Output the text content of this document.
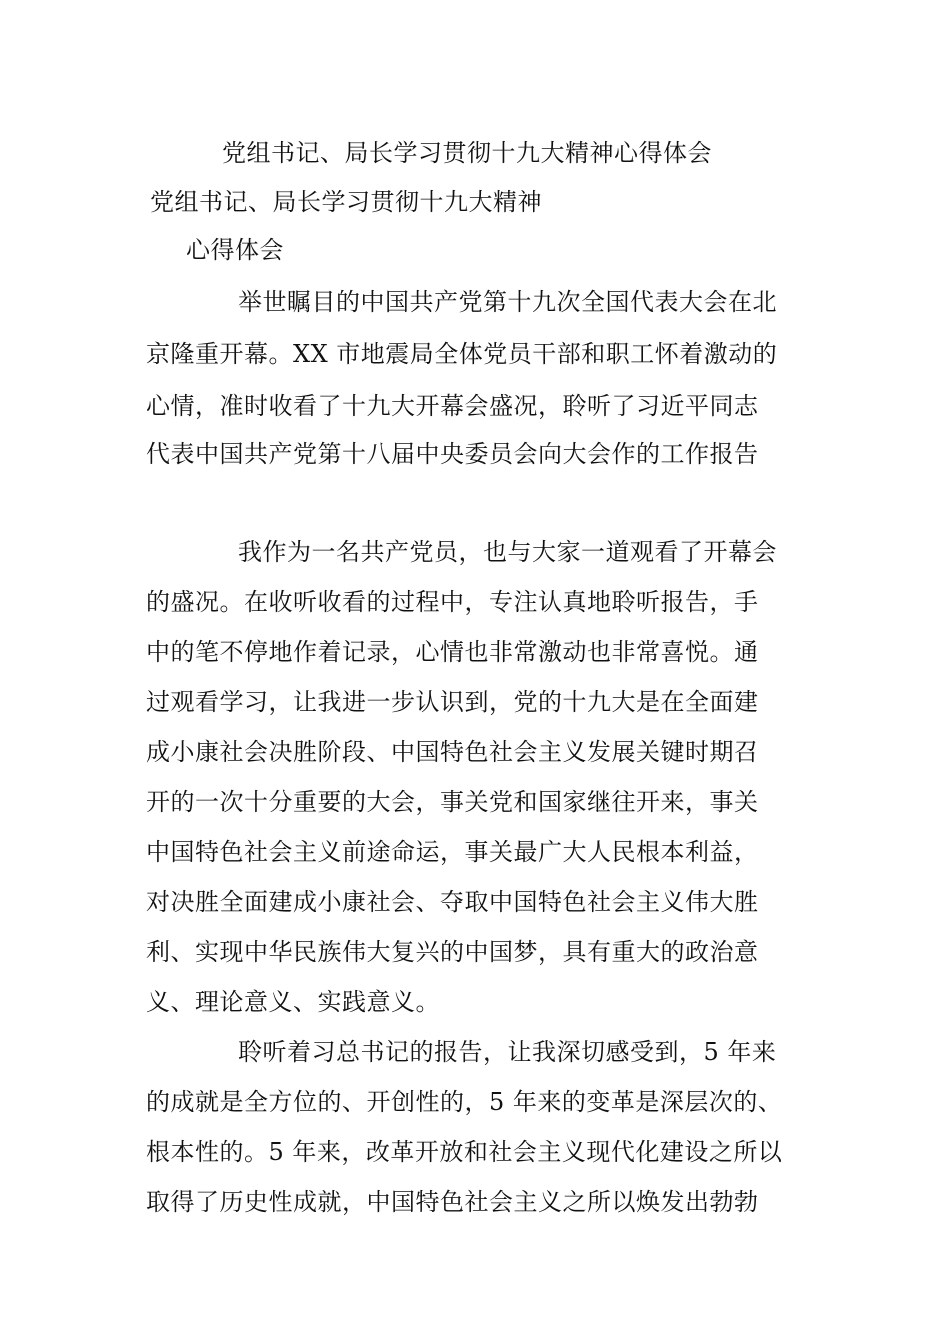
党组书记、局长学习贯彻十九大精神心得体会
党组书记、局长学习贯彻十九大精神
心得体会
举世瞩目的中国共产党第十九次全国代表大会在北
京隆重开幕。XX 市地震局全体党员干部和职工怀着激动的
心情，准时收看了十九大开幕会盛况，聆听了习近平同志
代表中国共产党第十八届中央委员会向大会作的工作报告
我作为一名共产党员，也与大家一道观看了开幕会
的盛况。在收听收看的过程中，专注认真地聆听报告，手
中的笔不停地作着记录，心情也非常激动也非常喜悦。通
过观看学习，让我进一步认识到，党的十九大是在全面建
成小康社会决胜阶段、中国特色社会主义发展关键时期召
开的一次十分重要的大会，事关党和国家继往开来，事关
中国特色社会主义前途命运，事关最广大人民根本利益，
对决胜全面建成小康社会、夺取中国特色社会主义伟大胜
利、实现中华民族伟大复兴的中国梦，具有重大的政治意
义、理论意义、实践意义。
聆听着习总书记的报告，让我深切感受到，5 年来
的成就是全方位的、开创性的，5 年来的变革是深层次的、
根本性的。5 年来，改革开放和社会主义现代化建设之所以
取得了历史性成就，中国特色社会主义之所以焕发出勃勃
